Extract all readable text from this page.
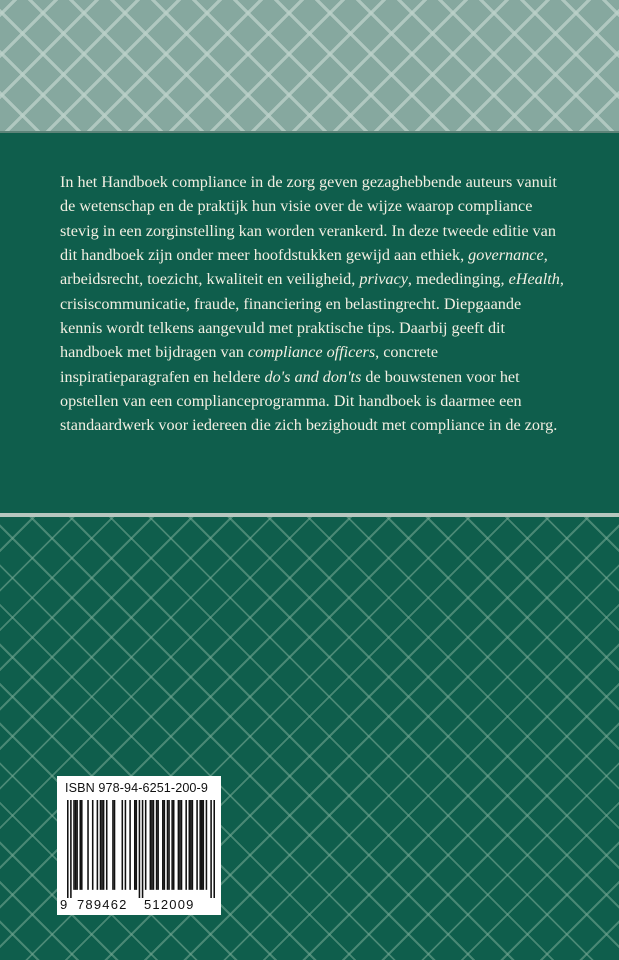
In het Handboek compliance in de zorg geven gezaghebbende auteurs vanuit de wetenschap en de praktijk hun visie over de wijze waarop compliance stevig in een zorginstelling kan worden verankerd. In deze tweede editie van dit handboek zijn onder meer hoofdstukken gewijd aan ethiek, governance, arbeidsrecht, toezicht, kwaliteit en veiligheid, privacy, mededinging, eHealth, crisiscommunicatie, fraude, financiering en belastingrecht. Diepgaande kennis wordt telkens aangevuld met praktische tips. Daarbij geeft dit handboek met bijdragen van compliance officers, concrete inspiratieparagrafen en heldere do's and don'ts de bouwstenen voor het opstellen van een complianceprogramma. Dit handboek is daarmee een standaardwerk voor iedereen die zich bezighoudt met compliance in de zorg.

ISBN 978-94-6251-200-9
9 789462	512009
